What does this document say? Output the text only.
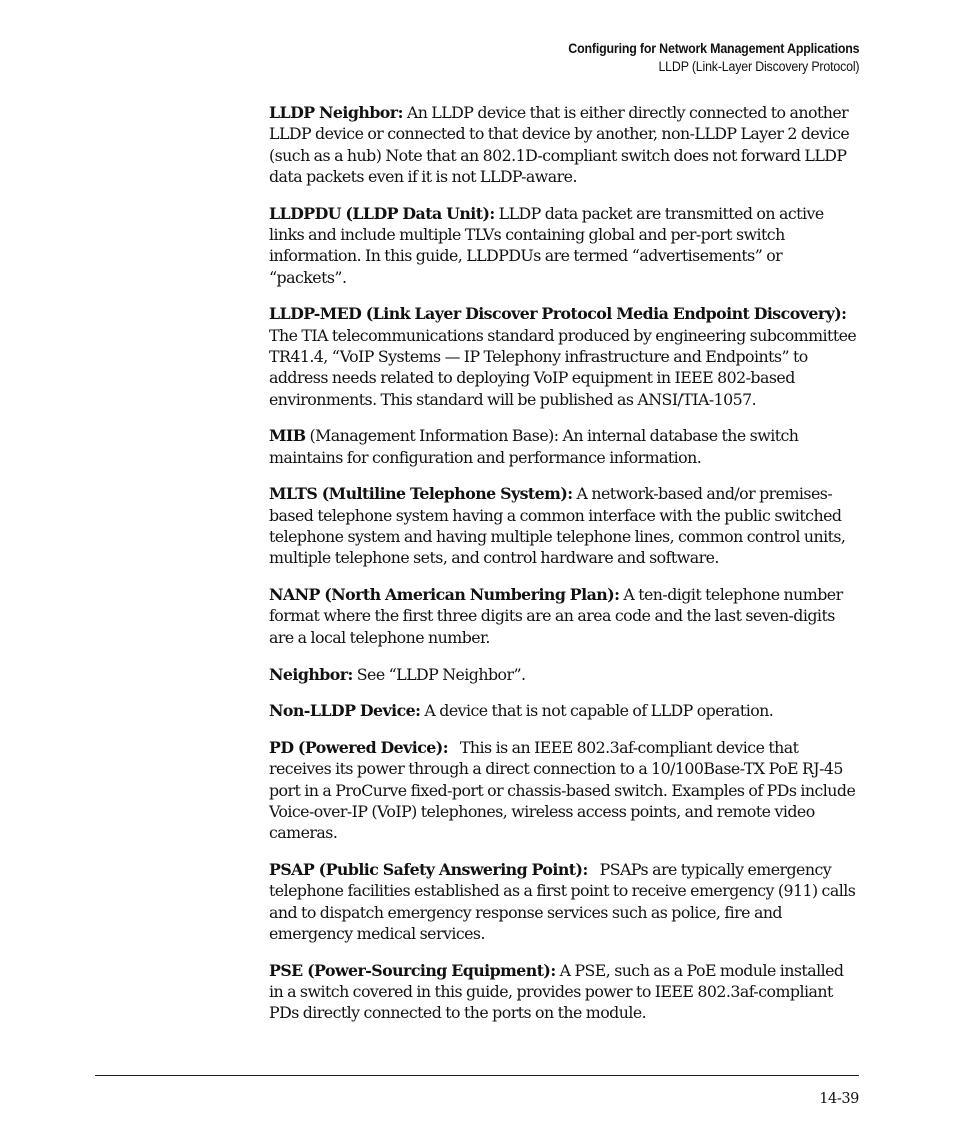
Configuring for Network Management Applications
LLDP (Link-Layer Discovery Protocol)

LLDP Neighbor: An LLDP device that is either directly connected to another LLDP device or connected to that device by another, non-LLDP Layer 2 device (such as a hub) Note that an 802.1D-compliant switch does not forward LLDP data packets even if it is not LLDP-aware.

LLDPDU (LLDP Data Unit): LLDP data packet are transmitted on active links and include multiple TLVs containing global and per-port switch information. In this guide, LLDPDUs are termed “advertisements” or “packets”.

LLDP-MED (Link Layer Discover Protocol Media Endpoint Discovery): The TIA telecommunications standard produced by engineering subcommittee TR41.4, “VoIP Systems — IP Telephony infrastructure and Endpoints” to address needs related to deploying VoIP equipment in IEEE 802-based environments. This standard will be published as ANSI/TIA-1057.

MIB (Management Information Base): An internal database the switch maintains for configuration and performance information.

MLTS (Multiline Telephone System): A network-based and/or premises-based telephone system having a common interface with the public switched telephone system and having multiple telephone lines, common control units, multiple telephone sets, and control hardware and software.

NANP (North American Numbering Plan): A ten-digit telephone number format where the first three digits are an area code and the last seven-digits are a local telephone number.

Neighbor: See “LLDP Neighbor”.

Non-LLDP Device: A device that is not capable of LLDP operation.

PD (Powered Device):   This is an IEEE 802.3af-compliant device that receives its power through a direct connection to a 10/100Base-TX PoE RJ-45 port in a ProCurve fixed-port or chassis-based switch. Examples of PDs include Voice-over-IP (VoIP) telephones, wireless access points, and remote video cameras.

PSAP (Public Safety Answering Point):   PSAPs are typically emergency telephone facilities established as a first point to receive emergency (911) calls and to dispatch emergency response services such as police, fire and emergency medical services.

PSE (Power-Sourcing Equipment): A PSE, such as a PoE module installed in a switch covered in this guide, provides power to IEEE 802.3af-compliant PDs directly connected to the ports on the module.

14-39
